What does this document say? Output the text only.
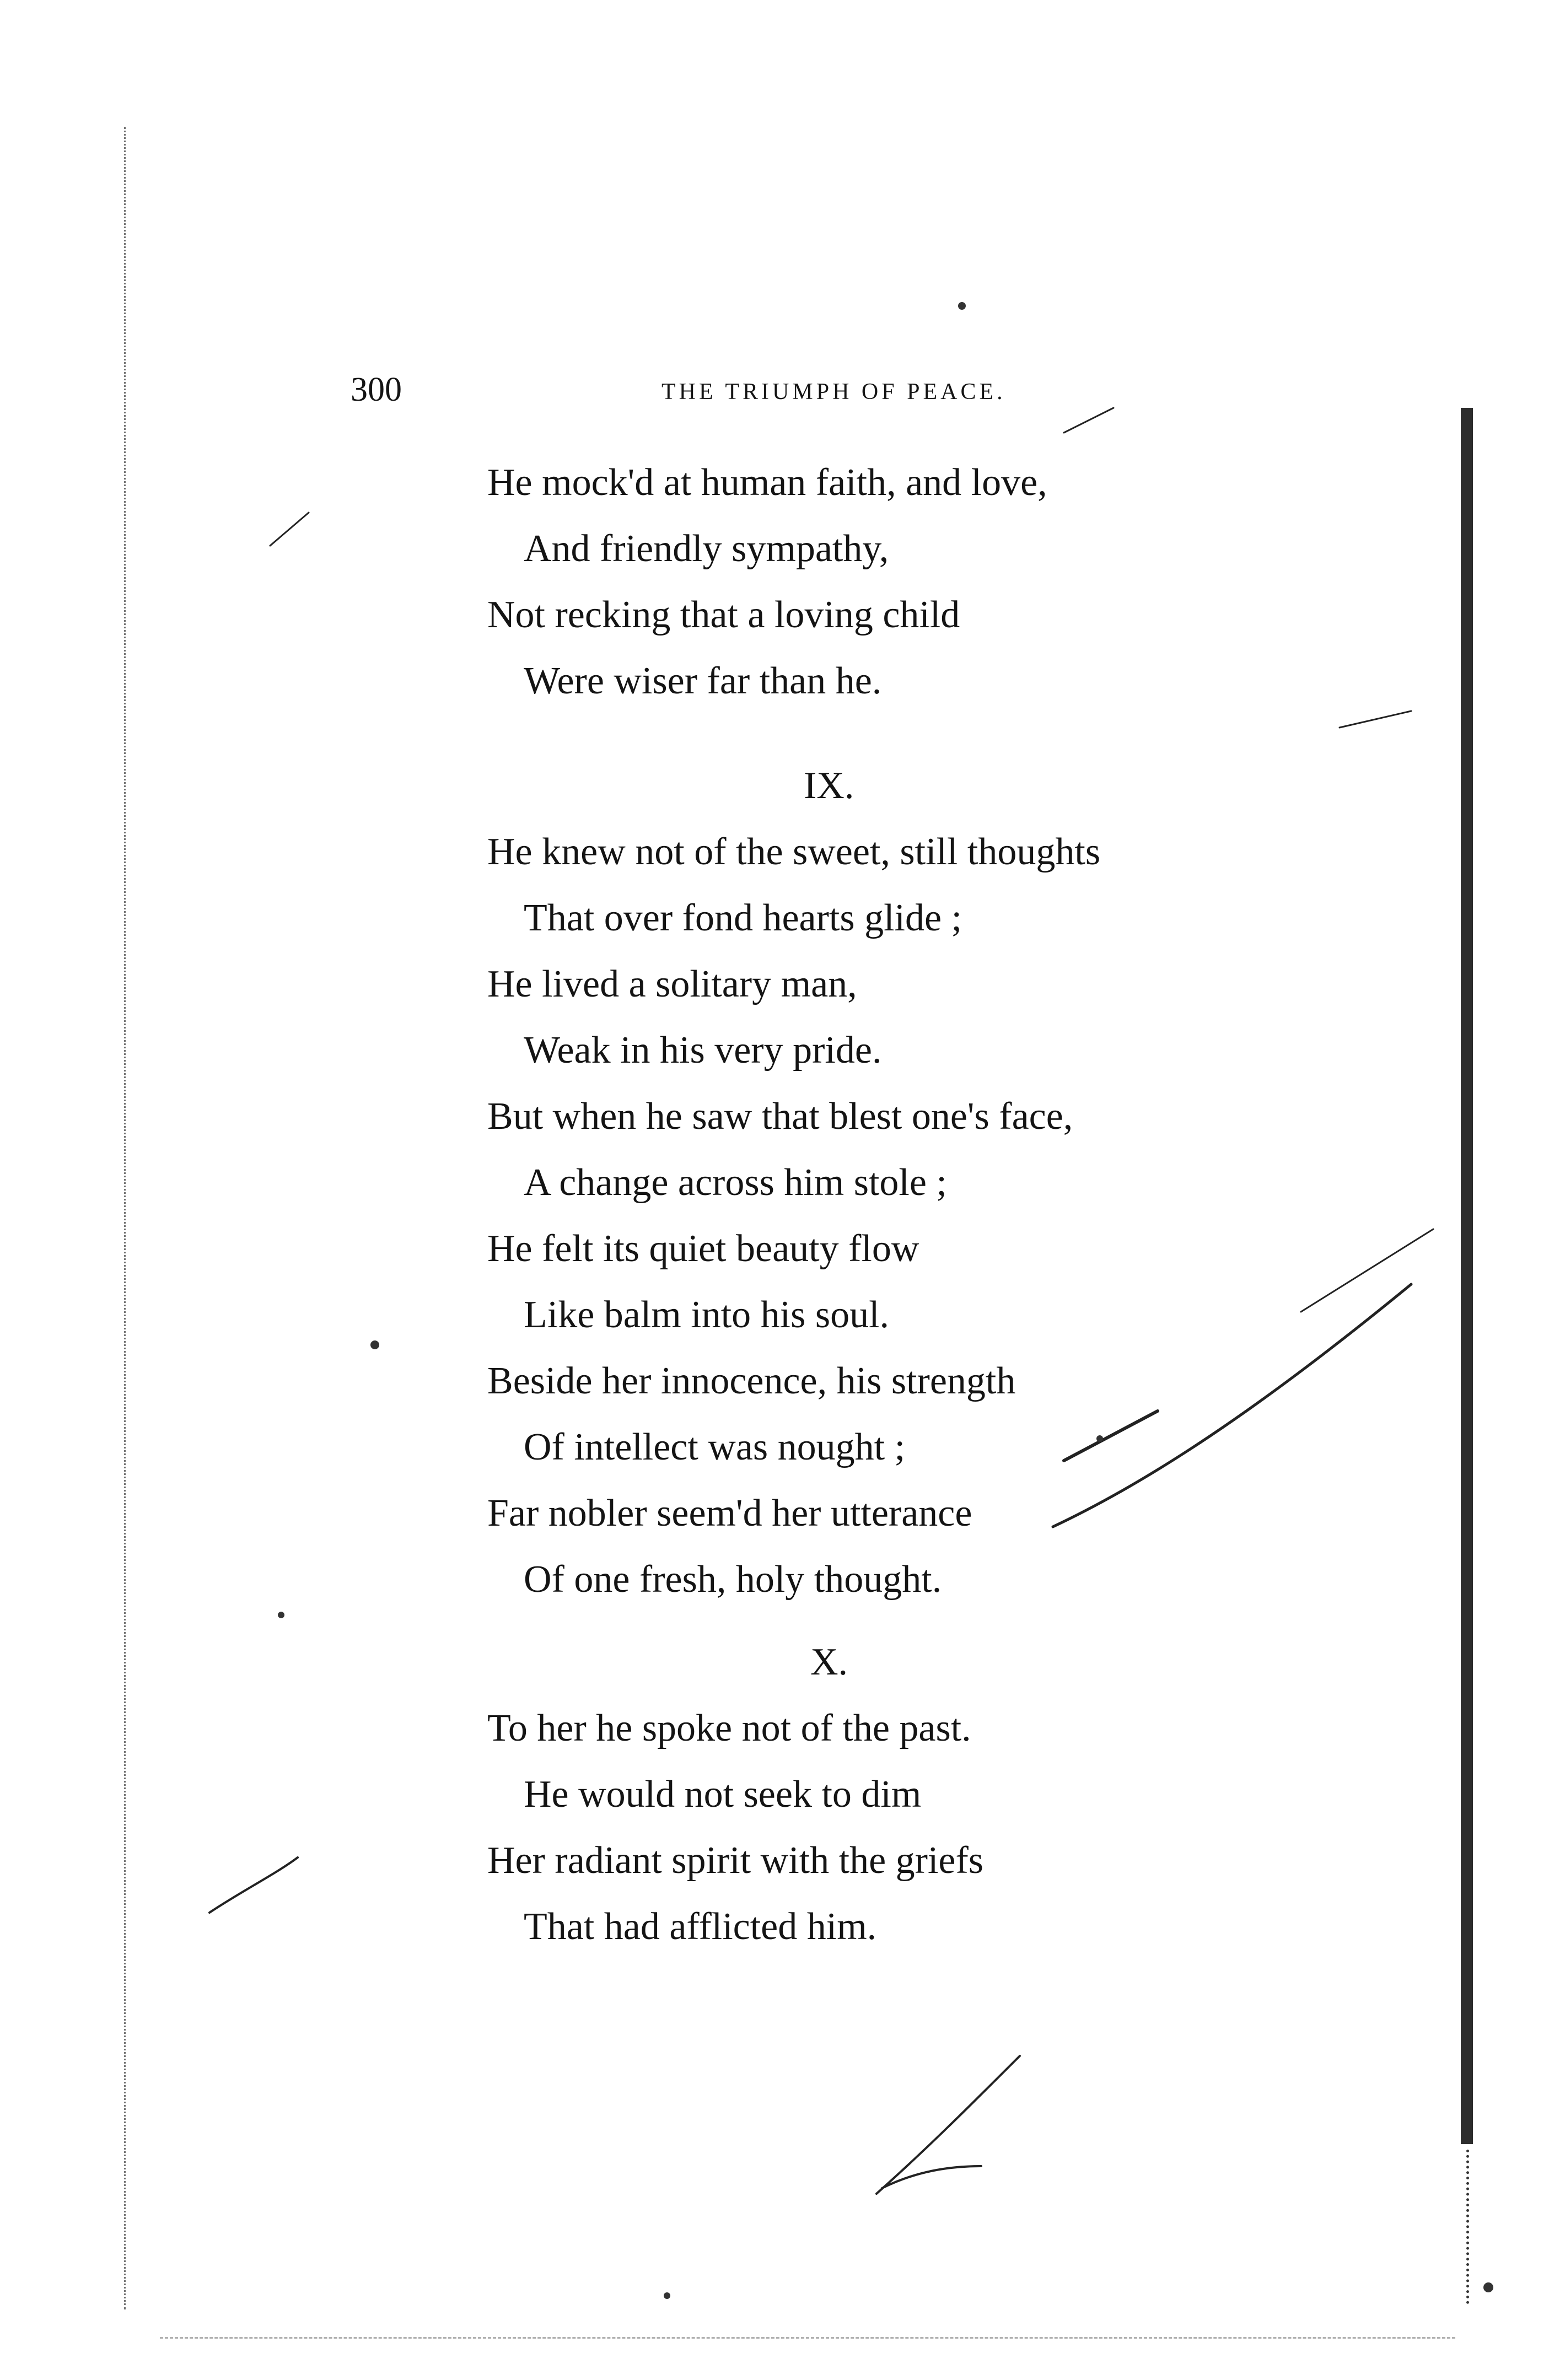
300	THE TRIUMPH OF PEACE.
He mock'd at human faith, and love,
And friendly sympathy,
Not recking that a loving child
Were wiser far than he.
IX.
He knew not of the sweet, still thoughts
That over fond hearts glide ;
He lived a solitary man,
Weak in his very pride.
But when he saw that blest one's face,
A change across him stole ;
He felt its quiet beauty flow
Like balm into his soul.
Beside her innocence, his strength
Of intellect was nought ;
Far nobler seem'd her utterance
Of one fresh, holy thought.
X.
To her he spoke not of the past.
He would not seek to dim
Her radiant spirit with the griefs
That had afflicted him.
